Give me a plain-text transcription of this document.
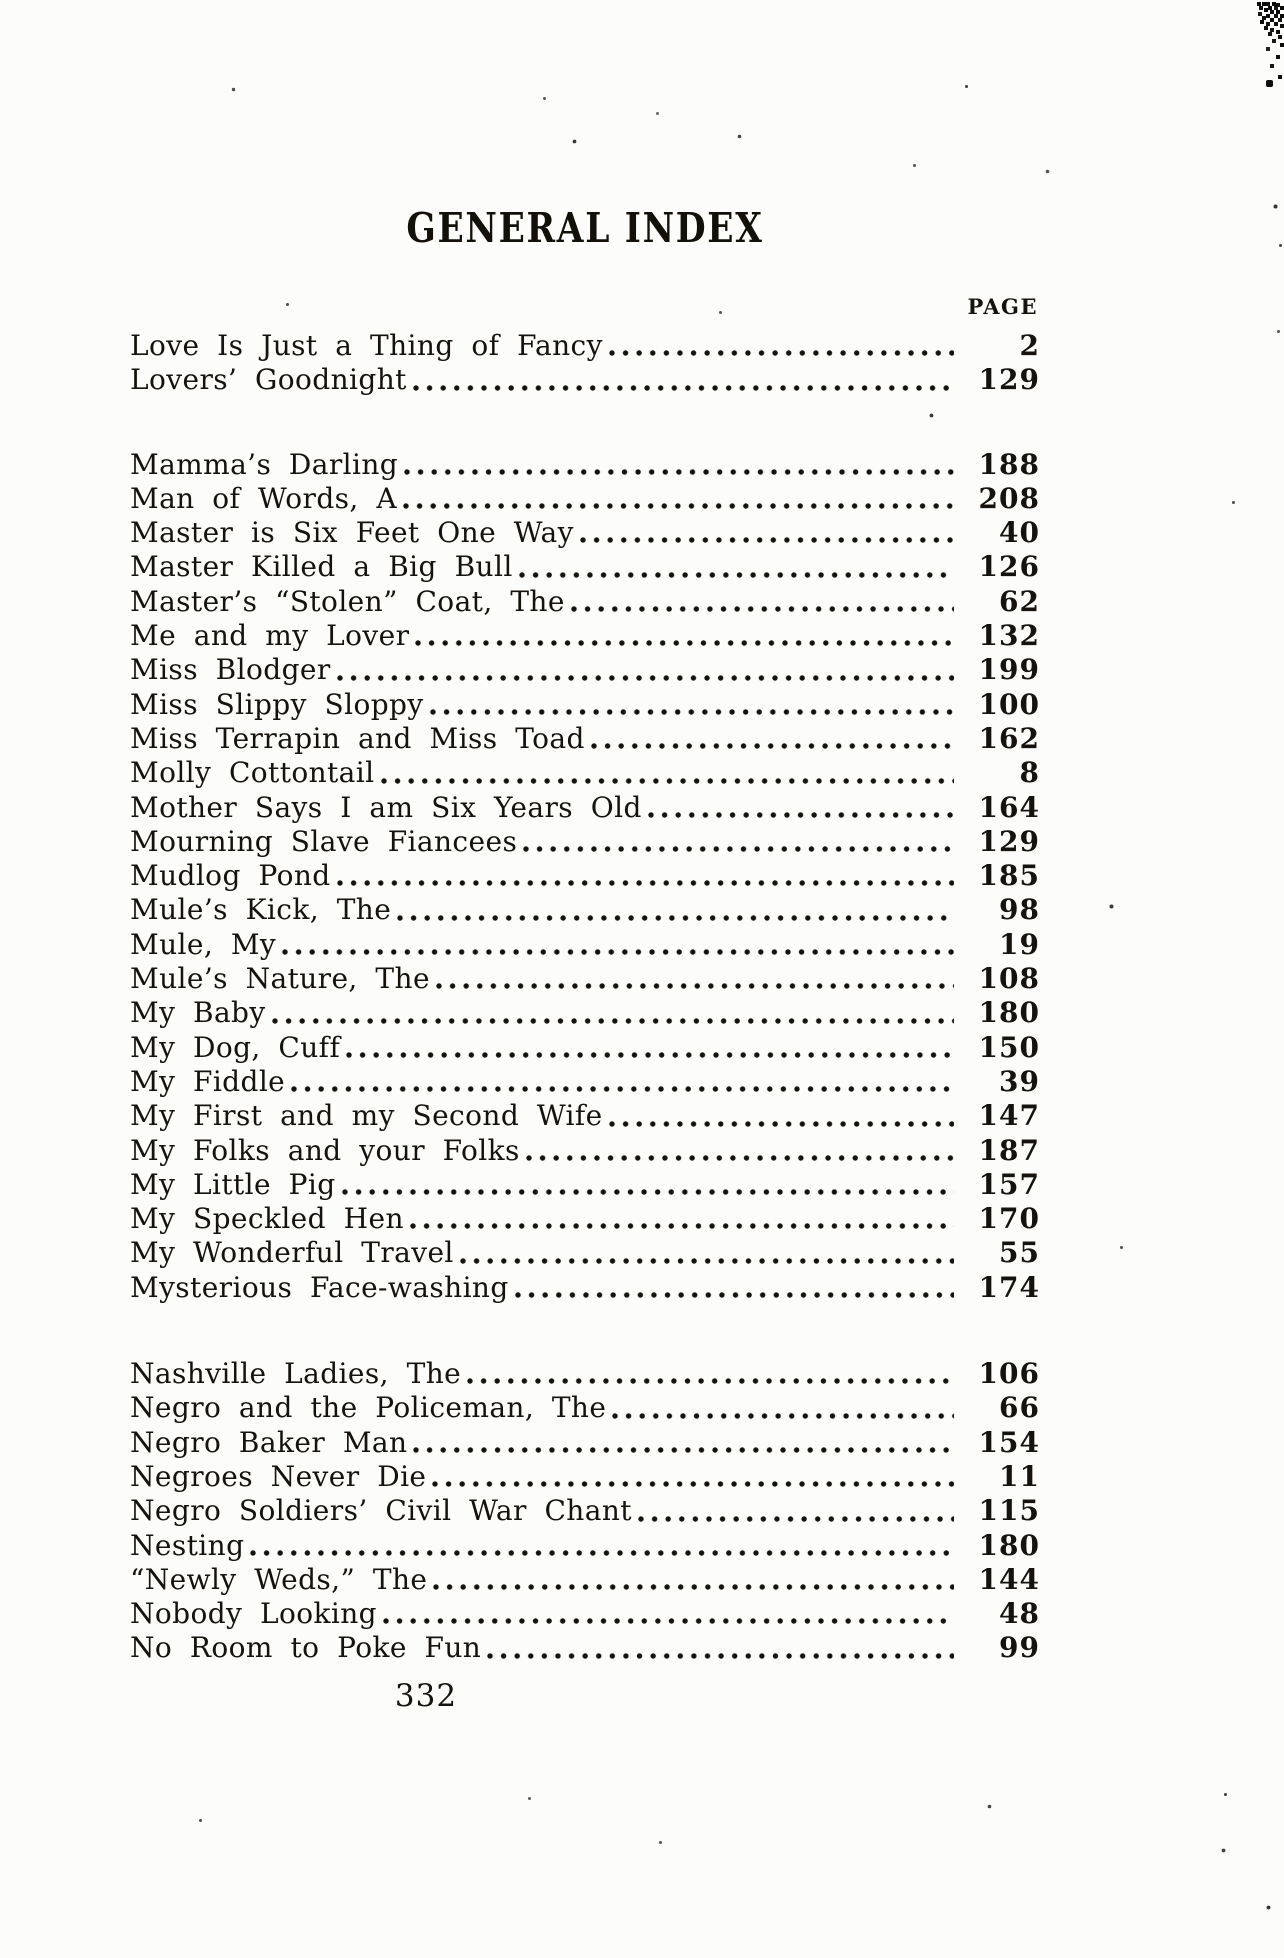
GENERAL INDEX
PAGE
Love Is Just a Thing of Fancy	2
Lovers’ Goodnight	129
Mamma’s Darling	188
Man of Words, A	208
Master is Six Feet One Way	40
Master Killed a Big Bull	126
Master’s “Stolen” Coat, The	62
Me and my Lover	132
Miss Blodger	199
Miss Slippy Sloppy	100
Miss Terrapin and Miss Toad	162
Molly Cottontail	8
Mother Says I am Six Years Old	164
Mourning Slave Fiancees	129
Mudlog Pond	185
Mule’s Kick, The	98
Mule, My	19
Mule’s Nature, The	108
My Baby	180
My Dog, Cuff	150
My Fiddle	39
My First and my Second Wife	147
My Folks and your Folks	187
My Little Pig	157
My Speckled Hen	170
My Wonderful Travel	55
Mysterious Face-washing	174
Nashville Ladies, The	106
Negro and the Policeman, The	66
Negro Baker Man	154
Negroes Never Die	11
Negro Soldiers’ Civil War Chant	115
Nesting	180
“Newly Weds,” The	144
Nobody Looking	48
No Room to Poke Fun	99
332
